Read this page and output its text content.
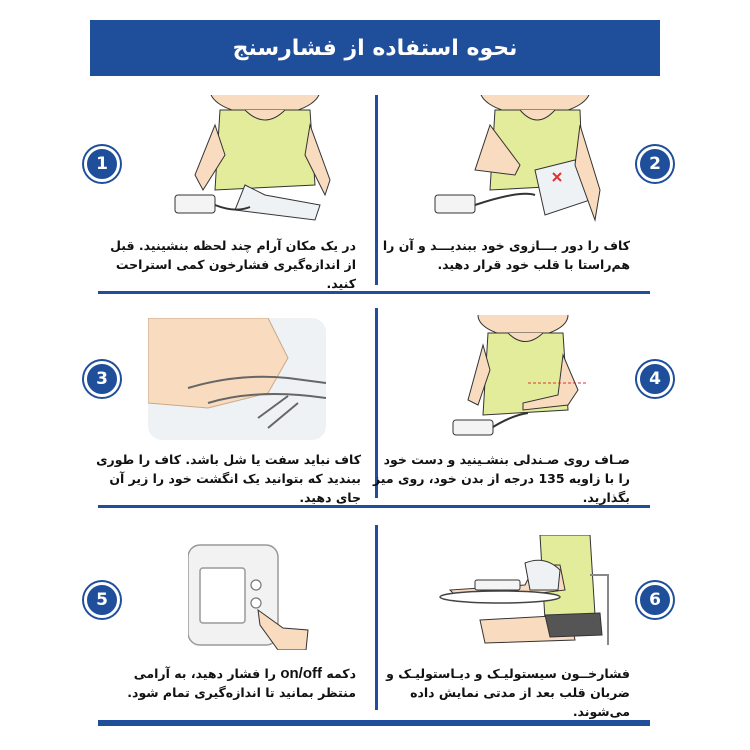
نحوه استفاده از فشارسنج
1
در یک مکان آرام چند لحظه بنشینید. قبل از اندازه‌گیری فشارخون کمی استراحت کنید.
2
کاف را دور بـــازوی خود ببندیـــد و آن را هم‌راستا با قلب خود قرار دهید.
3
کاف نباید سفت یا شل باشد. کاف را طوری ببندید که بتوانید یک انگشت خود را زیر آن جای دهید.
4
صـاف روی صـندلی بنشـینید و دست خود را با زاویه 135 درجه از بدن خود، روی میز بگذارید.
5
دکمه on/off را فشار دهید، به آرامی منتظر بمانید تا اندازه‌گیری تمام شود.
6
فشارخــون سیستولیـک و دیـاستولیـک و ضربان قلب بعد از مدتی نمایش داده می‌شوند.
